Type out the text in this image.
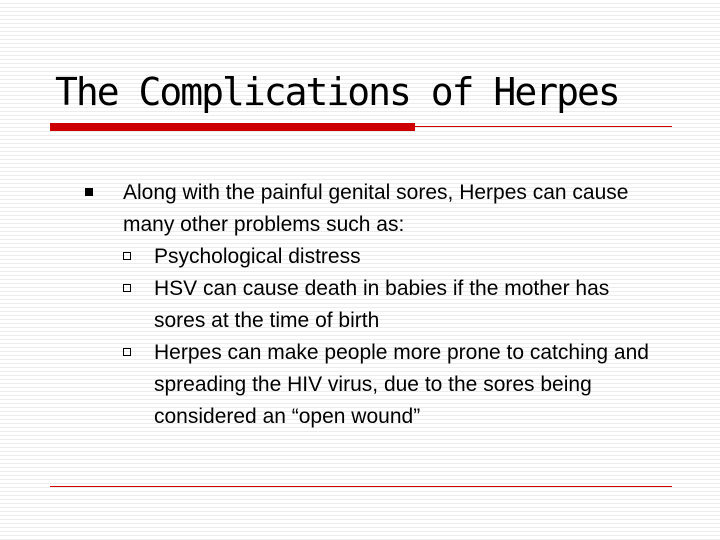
The Complications of Herpes

Along with the painful genital sores, Herpes can cause many other problems such as:

Psychological distress
HSV can cause death in babies if the mother has sores at the time of birth
Herpes can make people more prone to catching and spreading the HIV virus, due to the sores being considered an “open wound”
